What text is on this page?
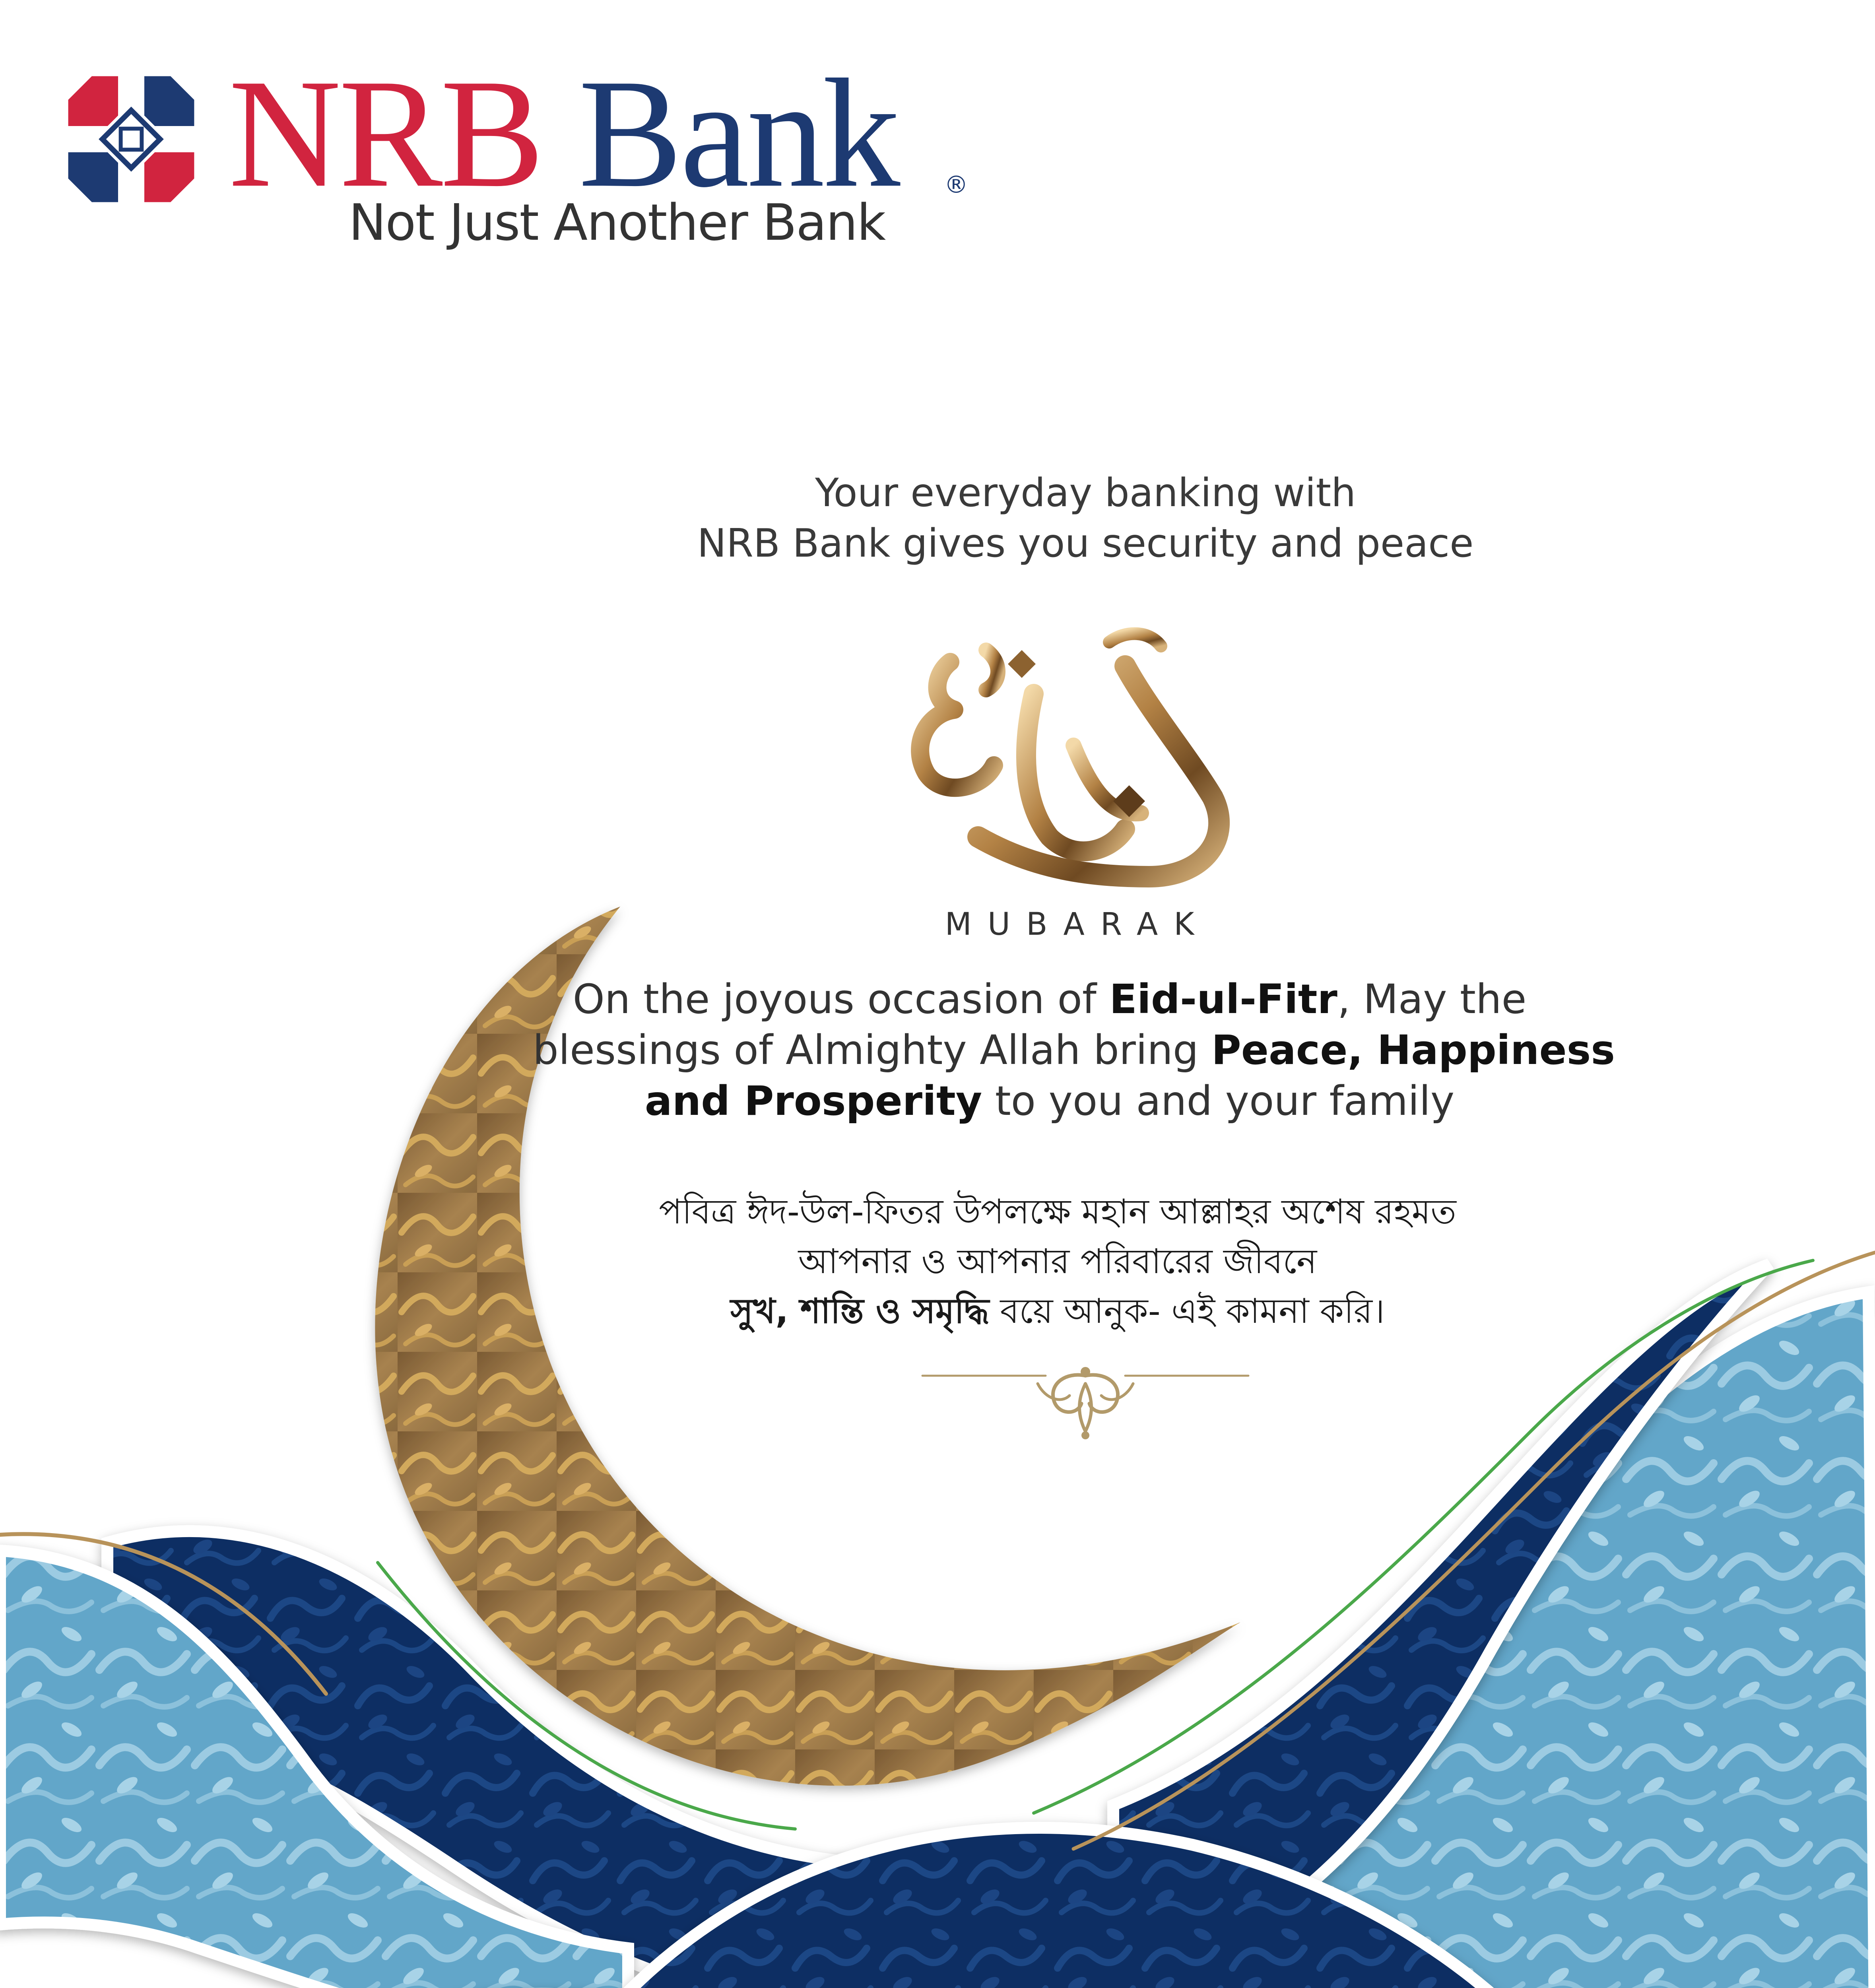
NRB Bank ®
Not Just Another Bank
Your everyday banking with
NRB Bank gives you security and peace
MUBARAK
On the joyous occasion of Eid-ul-Fitr, May the
blessings of Almighty Allah bring Peace, Happiness
and Prosperity to you and your family
পবিত্র ঈদ-উল-ফিতর উপলক্ষে মহান আল্লাহর অশেষ রহমত
আপনার ও আপনার পরিবারের জীবনে
সুখ, শান্তি ও সমৃদ্ধি বয়ে আনুক- এই কামনা করি।
